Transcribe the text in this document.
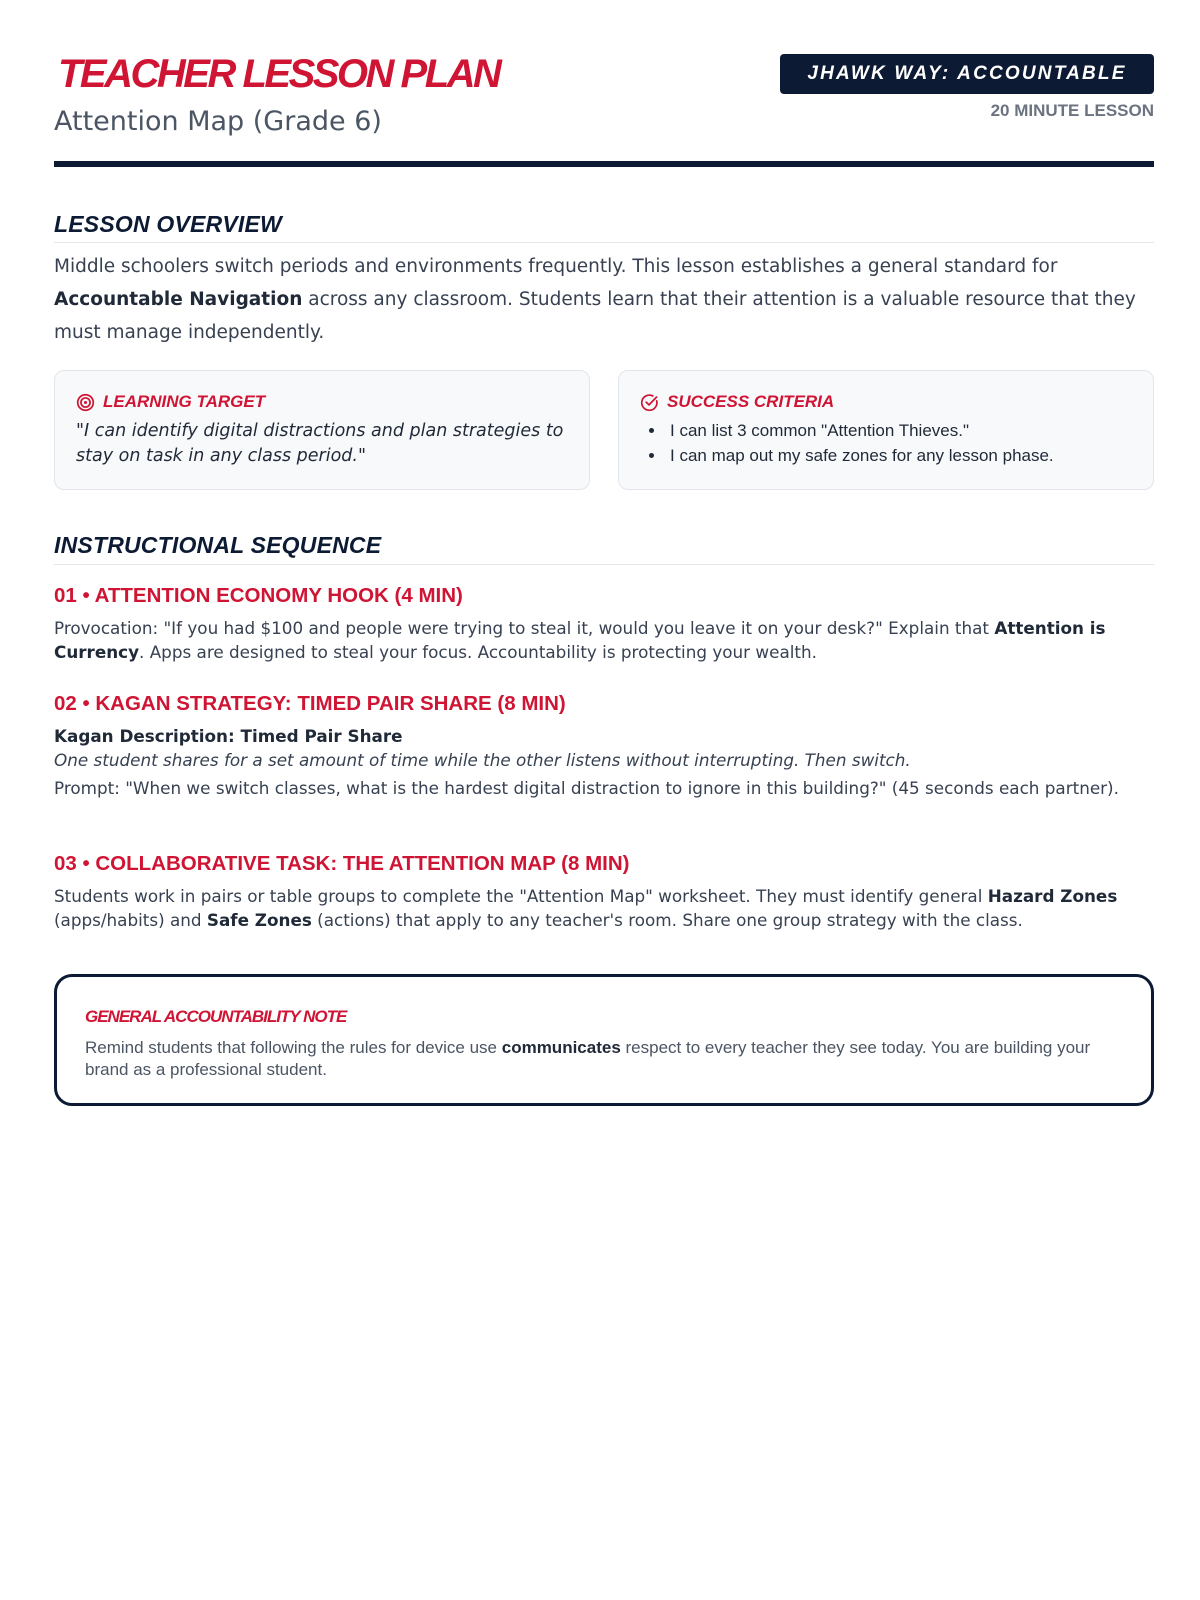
TEACHER LESSON PLAN
Attention Map (Grade 6)
JHAWK WAY: ACCOUNTABLE
20 MINUTE LESSON
LESSON OVERVIEW

Middle schoolers switch periods and environments frequently. This lesson establishes a general standard for Accountable Navigation across any classroom. Students learn that their attention is a valuable resource that they must manage independently.

LEARNING TARGET
"I can identify digital distractions and plan strategies to stay on task in any class period."
SUCCESS CRITERIA
• I can list 3 common "Attention Thieves."
• I can map out my safe zones for any lesson phase.
INSTRUCTIONAL SEQUENCE
01 • ATTENTION ECONOMY HOOK (4 MIN)

Provocation: "If you had $100 and people were trying to steal it, would you leave it on your desk?" Explain that Attention is Currency. Apps are designed to steal your focus. Accountability is protecting your wealth.

02 • KAGAN STRATEGY: TIMED PAIR SHARE (8 MIN)

Kagan Description: Timed Pair Share

One student shares for a set amount of time while the other listens without interrupting. Then switch.

Prompt: "When we switch classes, what is the hardest digital distraction to ignore in this building?" (45 seconds each partner).

03 • COLLABORATIVE TASK: THE ATTENTION MAP (8 MIN)

Students work in pairs or table groups to complete the "Attention Map" worksheet. They must identify general Hazard Zones (apps/habits) and Safe Zones (actions) that apply to any teacher's room. Share one group strategy with the class.

GENERAL ACCOUNTABILITY NOTE

Remind students that following the rules for device use communicates respect to every teacher they see today. You are building your brand as a professional student.
